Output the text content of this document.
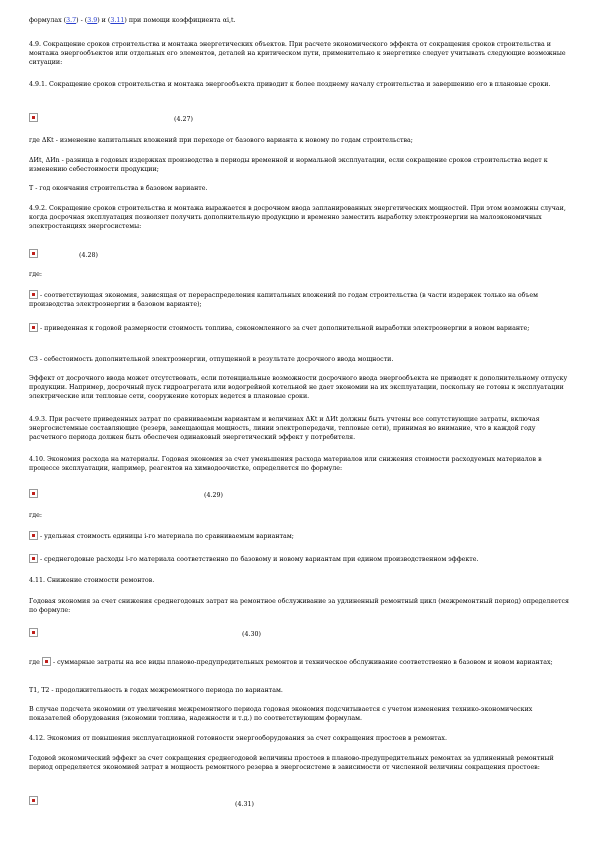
формулах (3.7) - (3.9) и (3.11) при помощи коэффициента αi,t.

4.9. Сокращение сроков строительства и монтажа энергетических объектов. При расчете экономического эффекта от сокращения сроков строительства и монтажа энергообъектов или отдельных его элементов, деталей на критическом пути, применительно к энергетике следует учитывать следующие возможные ситуации:

4.9.1. Сокращение сроков строительства и монтажа энергообъекта приводит к более позднему началу строительства и завершению его в плановые сроки.

(4.27)

где ΔKt - изменение капитальных вложений при переходе от базового варианта к новому по годам строительства;

ΔИt, ΔИn - разница в годовых издержках производства в периоды временной и нормальной эксплуатации, если сокращение сроков строительства ведет к изменению себестоимости продукции;

T - год окончания строительства в базовом варианте.

4.9.2. Сокращение сроков строительства и монтажа выражается в досрочном ввода запланированных энергетических мощностей. При этом возможны случаи, когда досрочная эксплуатация позволяет получить дополнительную продукцию и временно заместить выработку электроэнергии на малоэкономичных электростанциях энергосистемы:

(4.28)

где:

- соответствующая экономия, зависящая от перераспределения капитальных вложений по годам строительства (в части издержек только на объем производства электроэнергии в базовом варианте);

- приведенная к годовой размерности стоимость топлива, сэкономленного за счет дополнительной выработки электроэнергии в новом варианте;

C3 - себестоимость дополнительной электроэнергии, отпущенной в результате досрочного ввода мощности.

Эффект от досрочного ввода может отсутствовать, если потенциальные возможности досрочного ввода энергообъекта не приводят к дополнительному отпуску продукции. Например, досрочный пуск гидроагрегата или водогрейной котельной не дает экономии на их эксплуатации, поскольку не готовы к эксплуатации электрические или тепловые сети, сооружение которых ведется в плановые сроки.

4.9.3. При расчете приведенных затрат по сравниваемым вариантам и величинах ΔKt и ΔИt должны быть учтены все сопутствующие затраты, включая энергосистемные составляющие (резерв, замещающая мощность, линии электропередачи, тепловые сети), принимая во внимание, что в каждой году расчетного периода должен быть обеспечен одинаковый энергетический эффект у потребителя.

4.10. Экономия расхода на материалы. Годовая экономия за счет уменьшения расхода материалов или снижения стоимости расходуемых материалов в процессе эксплуатации, например, реагентов на химводоочистке, определяется по формуле:

(4.29)

где:

- удельная стоимость единицы i-го материала по сравниваемым вариантам;

- среднегодовые расходы i-го материала соответственно по базовому и новому вариантам при едином производственном эффекте.

4.11. Снижение стоимости ремонтов.

Годовая экономия за счет снижения среднегодовых затрат на ремонтное обслуживание за удлиненный ремонтный цикл (межремонтный период) определяется по формуле:

(4.30)

где - суммарные затраты на все виды планово-предупредительных ремонтов и техническое обслуживание соответственно в базовом и новом вариантах;

T1, T2 - продолжительность в годах межремонтного периода по вариантам.

В случае подсчета экономии от увеличения межремонтного периода годовая экономия подсчитывается с учетом изменения технико-экономических показателей оборудования (экономии топлива, надежности и т.д.) по соответствующим формулам.

4.12. Экономия от повышения эксплуатационной готовности энергооборудования за счет сокращения простоев в ремонтах.

Годовой экономический эффект за счет сокращения среднегодовой величины простоев в планово-предупредительных ремонтах за удлиненный ремонтный период определяется экономией затрат в мощность ремонтного резерва в энергосистеме в зависимости от численной величины сокращения простоев:

(4.31)
